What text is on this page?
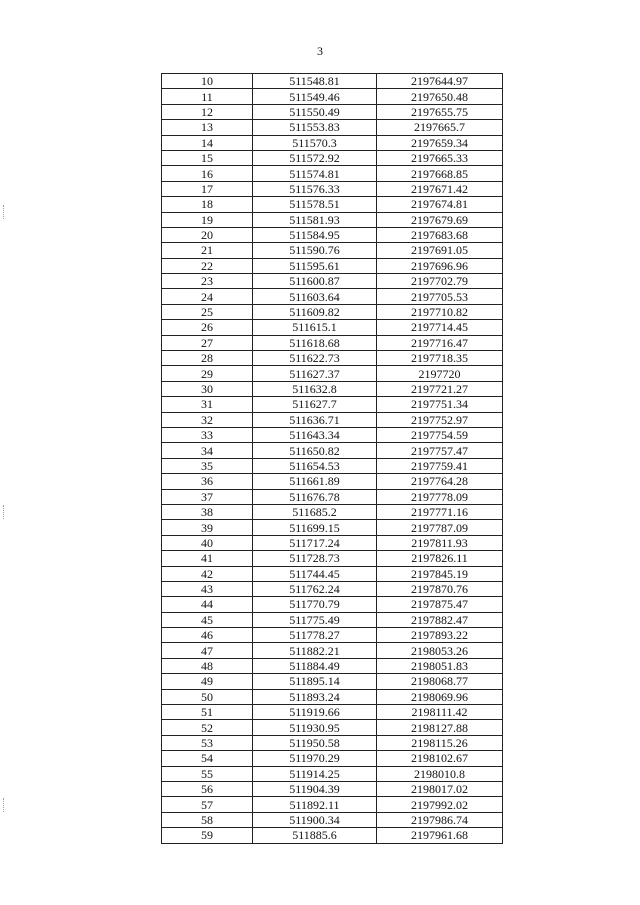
3
10	511548.81	2197644.97
11	511549.46	2197650.48
12	511550.49	2197655.75
13	511553.83	2197665.7
14	511570.3	2197659.34
15	511572.92	2197665.33
16	511574.81	2197668.85
17	511576.33	2197671.42
18	511578.51	2197674.81
19	511581.93	2197679.69
20	511584.95	2197683.68
21	511590.76	2197691.05
22	511595.61	2197696.96
23	511600.87	2197702.79
24	511603.64	2197705.53
25	511609.82	2197710.82
26	511615.1	2197714.45
27	511618.68	2197716.47
28	511622.73	2197718.35
29	511627.37	2197720
30	511632.8	2197721.27
31	511627.7	2197751.34
32	511636.71	2197752.97
33	511643.34	2197754.59
34	511650.82	2197757.47
35	511654.53	2197759.41
36	511661.89	2197764.28
37	511676.78	2197778.09
38	511685.2	2197771.16
39	511699.15	2197787.09
40	511717.24	2197811.93
41	511728.73	2197826.11
42	511744.45	2197845.19
43	511762.24	2197870.76
44	511770.79	2197875.47
45	511775.49	2197882.47
46	511778.27	2197893.22
47	511882.21	2198053.26
48	511884.49	2198051.83
49	511895.14	2198068.77
50	511893.24	2198069.96
51	511919.66	2198111.42
52	511930.95	2198127.88
53	511950.58	2198115.26
54	511970.29	2198102.67
55	511914.25	2198010.8
56	511904.39	2198017.02
57	511892.11	2197992.02
58	511900.34	2197986.74
59	511885.6	2197961.68
